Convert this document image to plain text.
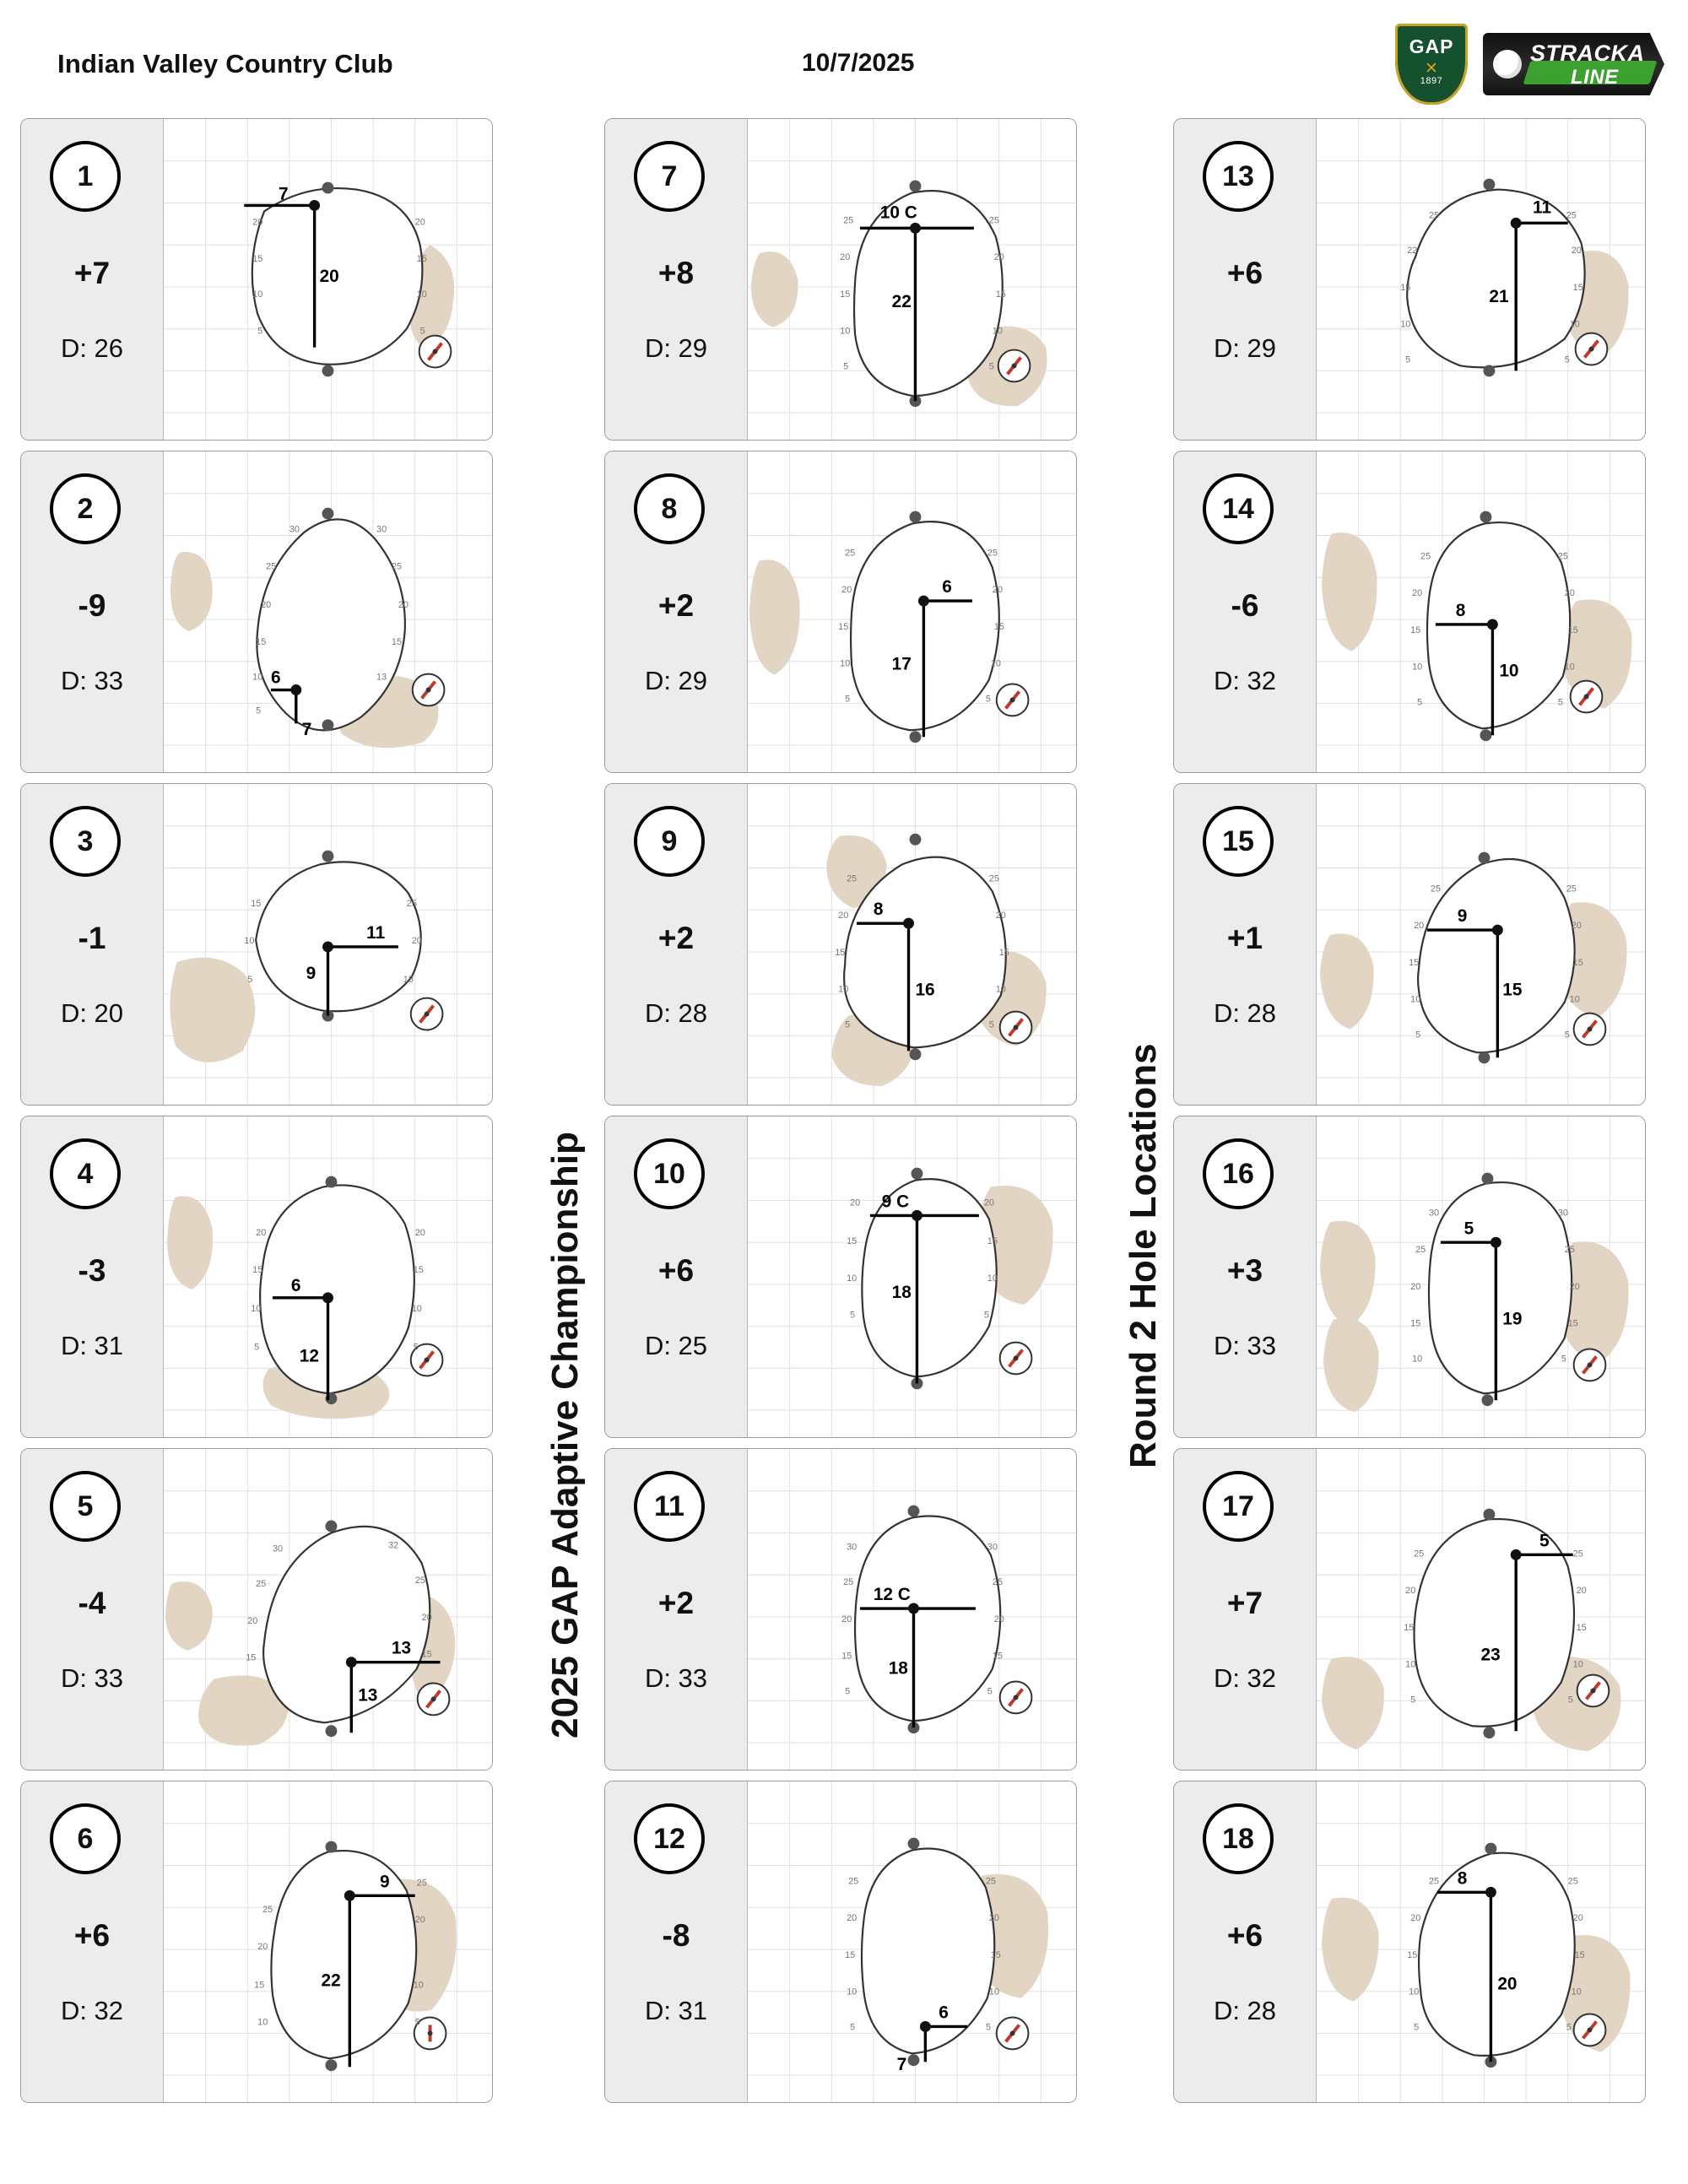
Indian Valley Country Club	10/7/2025
GAP
✕
1897
STRACKA
LINE
2025 GAP Adaptive Championship	Round 2 Hole Locations
1
+7
D: 26
7
20
20
15
10
5
20
15
10
5
2
-9
D: 33	6
7
30
25
20
15
10
5
30
25
20
15
13
3
-1
D: 20
11
9
15
10
5
25
20
15
4
-3
D: 31
6
12
20
15
10
5
20
15
10
5
5
-4
D: 33
13
13
30
25
20
15
32
25
20
15
6
+6
D: 32
9
22
25
20
15
10
25
20
10
5
7
+8
D: 29
10 C
22
25
20
15
10
5
25
20
15
10
5
8
+2
D: 29
6
17
25
20
15
10
5
25
20
15
10
5
9
+2
D: 28
8
16
25
20
15
10
5
25
20
15
10
5
10
+6
D: 25
9 C
18
20
15
10
5
20
15
10
5
11
+2
D: 33
12 C
18
30
25
20
15
5
30
25
20
15
5
12
-8
D: 31	6
7
25
20
15
10
5
25
20
15
10
5
13
+6
D: 29
11
21
25
22
15
10
5
25
20
15
10
5
14
-6
D: 32
8
10
25
20
15
10
5
25
20
15
10
5
15
+1
D: 28
9
15
25
20
15
10
5
25
20
15
10
5
16
+3
D: 33
5
19
30
25
20
15
10
30
25
20
15
5
17
+7
D: 32
5
23
25
20
15
10
5
25
20
15
10
5
18
+6
D: 28
8
20
25
20
15
10
5
25
20
15
10
5
